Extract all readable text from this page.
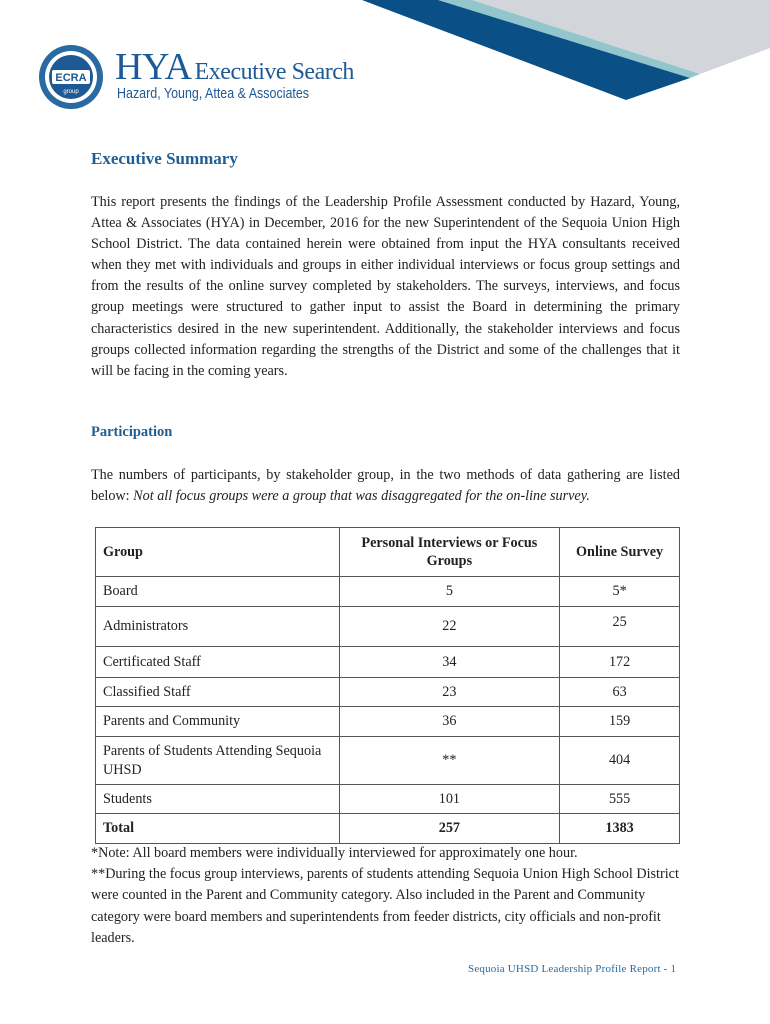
ECRA
group
HYA Executive Search
Hazard, Young, Attea & Associates
Executive Summary

This report presents the findings of the Leadership Profile Assessment conducted by Hazard, Young, Attea & Associates (HYA) in December, 2016 for the new Superintendent of the Sequoia Union High School District. The data contained herein were obtained from input the HYA consultants received when they met with individuals and groups in either individual interviews or focus group settings and from the results of the online survey completed by stakeholders. The surveys, interviews, and focus group meetings were structured to gather input to assist the Board in determining the primary characteristics desired in the new superintendent. Additionally, the stakeholder interviews and focus groups collected information regarding the strengths of the District and some of the challenges that it will be facing in the coming years.

Participation

The numbers of participants, by stakeholder group, in the two methods of data gathering are listed below: Not all focus groups were a group that was disaggregated for the on-line survey.

Group	Personal Interviews or Focus Groups	Online Survey
Board	5	5*
Administrators	22	25
Certificated Staff	34	172
Classified Staff	23	63
Parents and Community	36	159
Parents of Students Attending Sequoia UHSD	**	404
Students	101	555
Total	257	1383

*Note: All board members were individually interviewed for approximately one hour.

**During the focus group interviews, parents of students attending Sequoia Union High School District were counted in the Parent and Community category. Also included in the Parent and Community category were board members and superintendents from feeder districts, city officials and non-profit leaders.

Sequoia UHSD Leadership Profile Report - 1
